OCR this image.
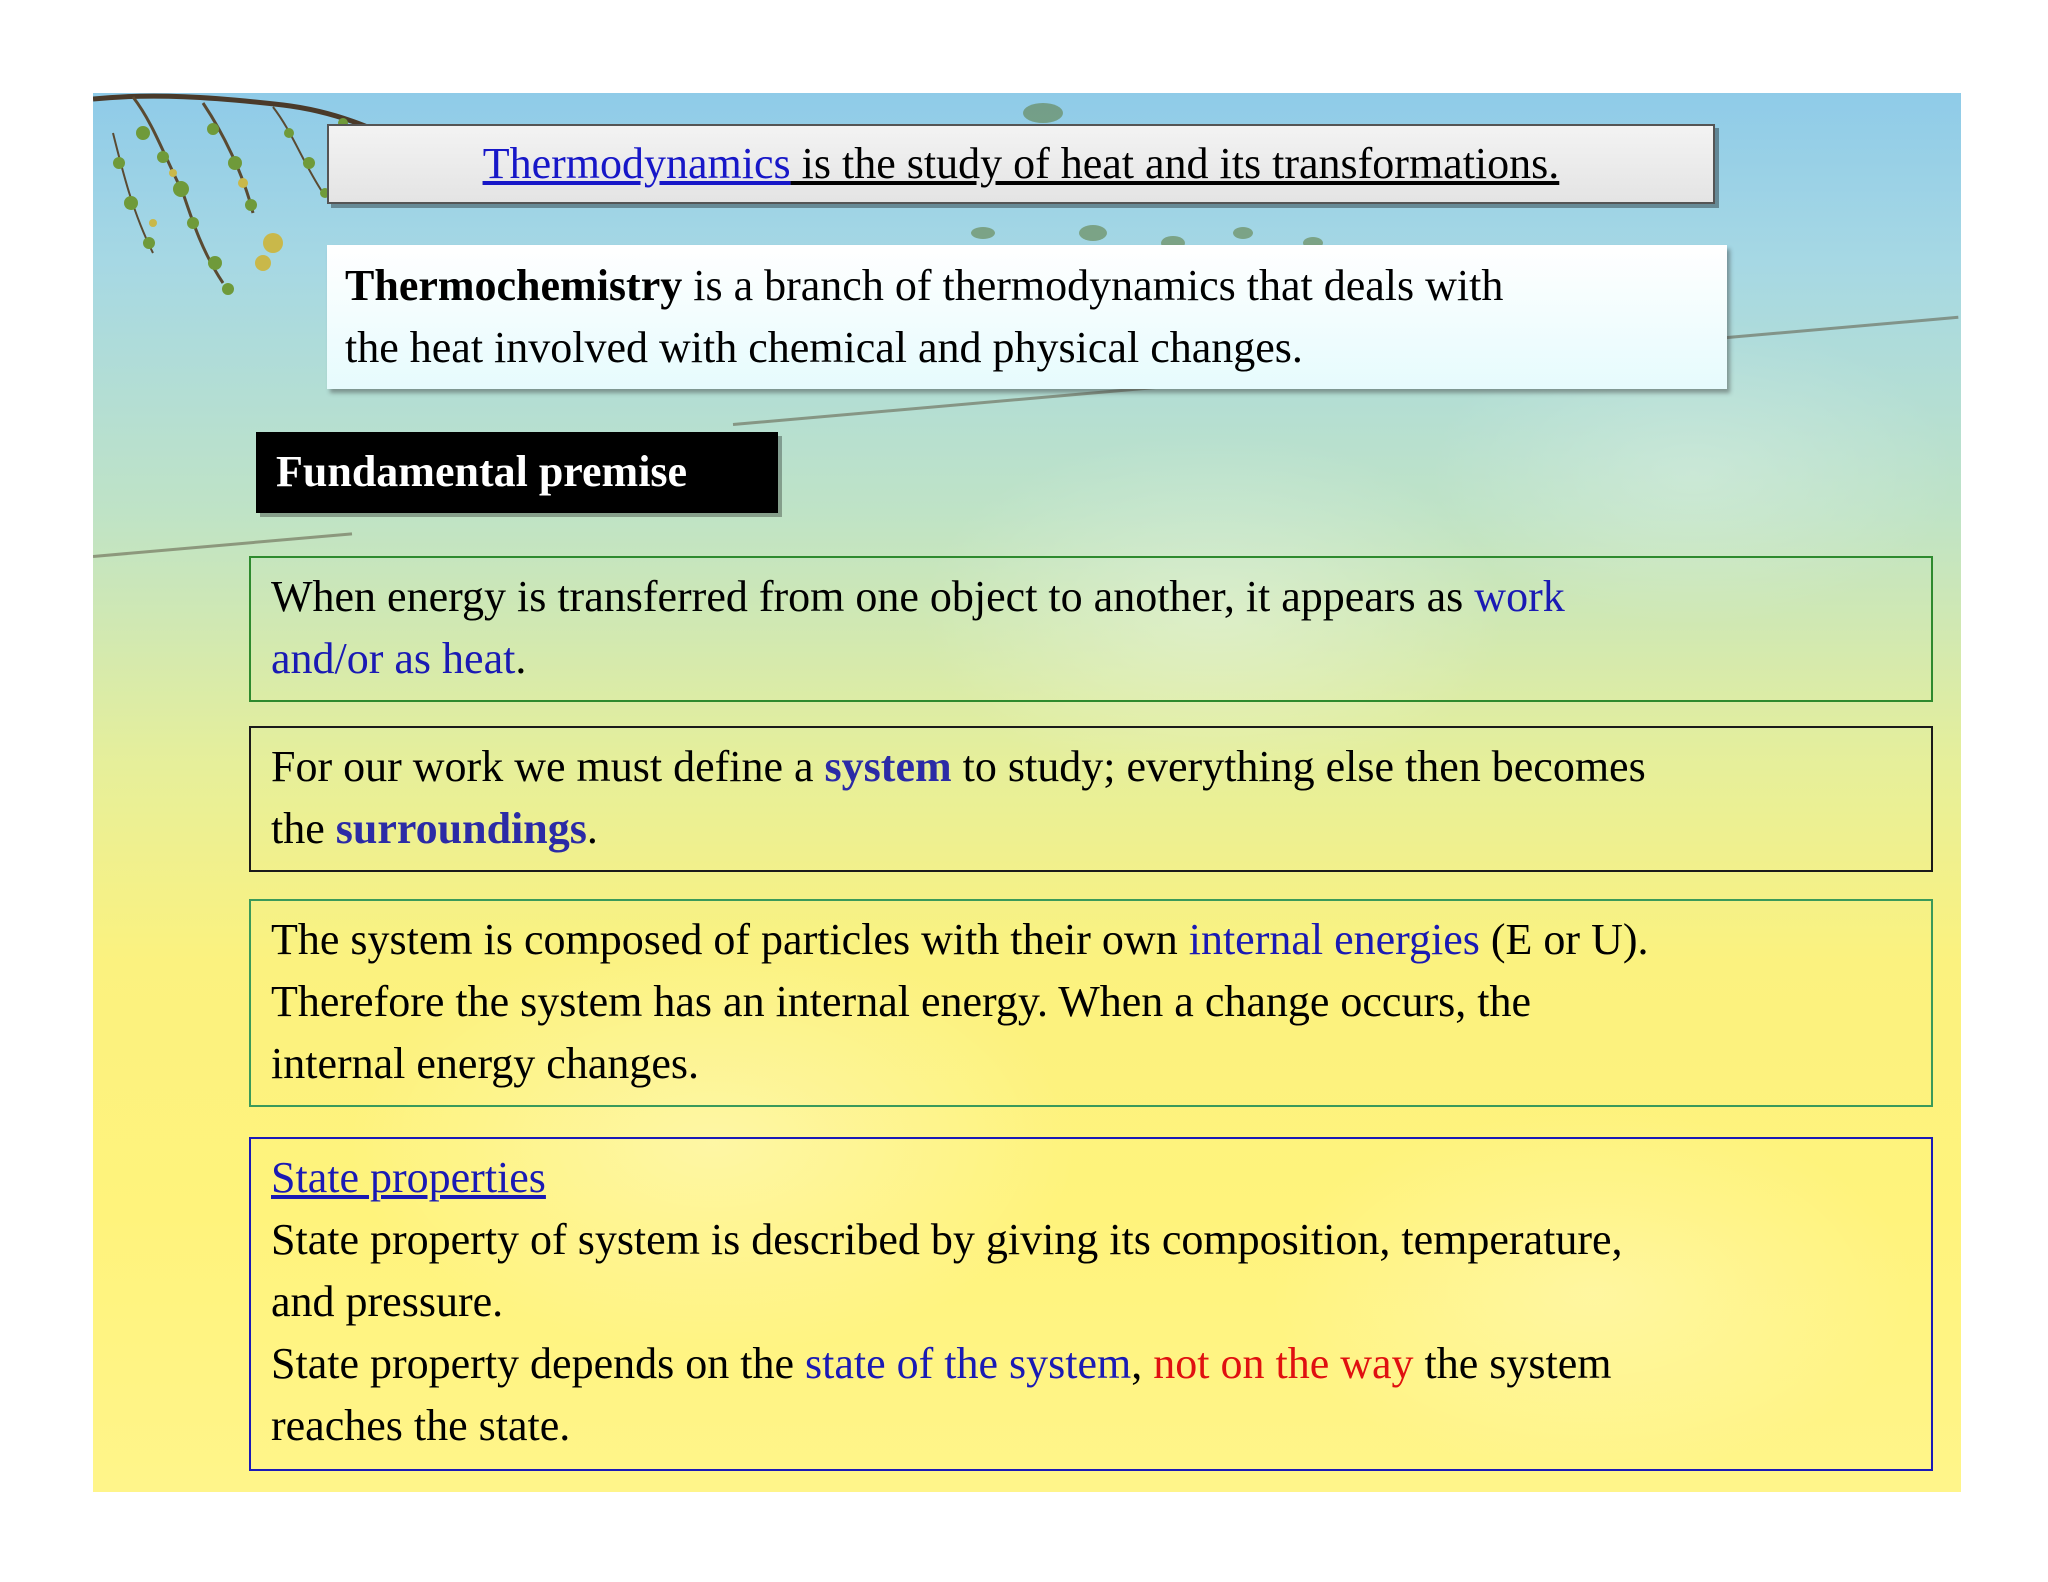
Thermodynamics is the study of heat and its transformations.
Thermochemistry is a branch of thermodynamics that deals with
the heat involved with chemical and physical changes.
Fundamental premise
When energy is transferred from one object to another, it appears as work
and/or as heat.
For our work we must define a system to study; everything else then becomes
the surroundings.
The system is composed of particles with their own internal energies (E or U).
Therefore the system has an internal energy. When a change occurs, the
internal energy changes.
State properties
State property of system is described by giving its composition, temperature,
and pressure.
State property depends on the state of the system, not on the way the system
reaches the state.
